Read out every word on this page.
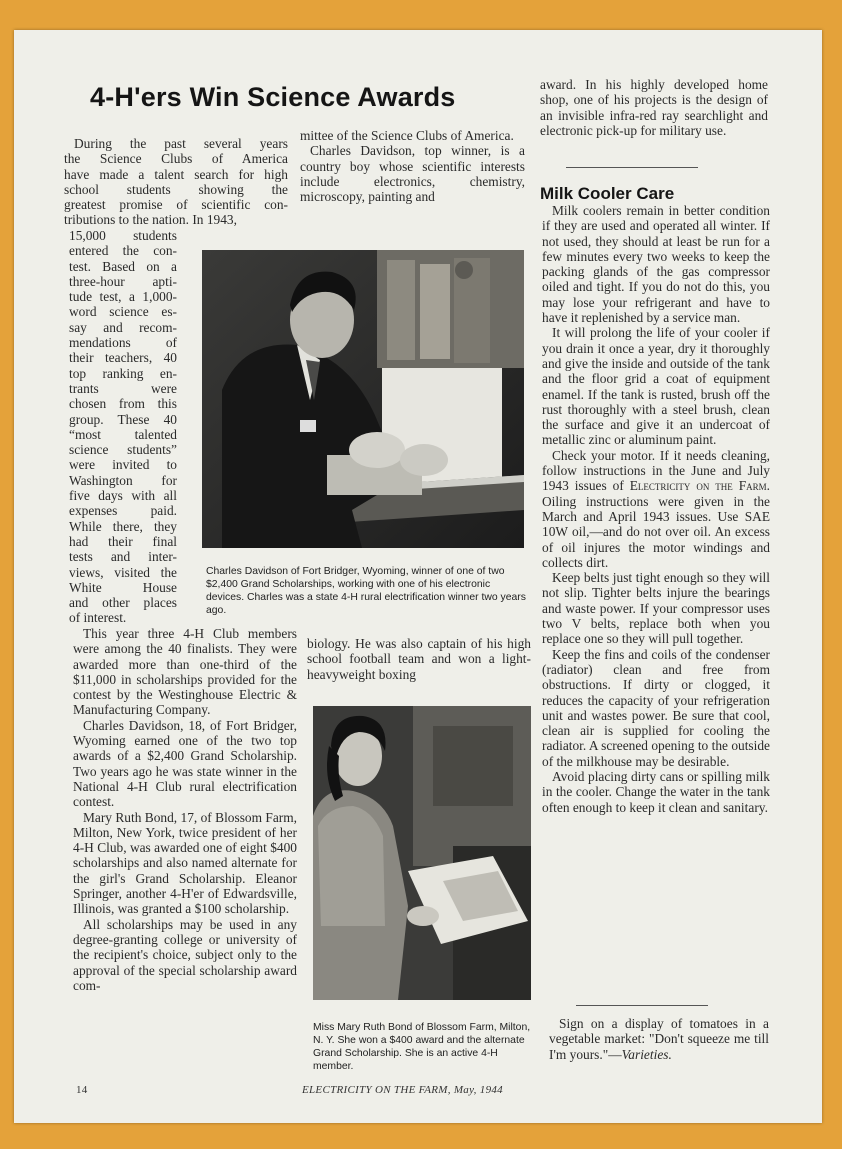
4-H'ers Win Science Awards
During the past several years
the Science Clubs of America
have made a talent search for high
school students showing the
greatest promise of scientific con-
tributions to the nation. In 1943,
15,000 students
entered the con-
test. Based on a
three-hour apti-
tude test, a 1,000-
word science es-
say and recom-
mendations of
their teachers, 40
top ranking en-
trants were
chosen from this
group. These 40
“most talented
science students”
were invited to
Washington for
five days with all
expenses paid.
While there, they
had their final
tests and inter-
views, visited the
White House
and other places
of interest.

This year three 4-H Club members were among the 40 finalists. They were awarded more than one-third of the $11,000 in scholarships provided for the contest by the Westinghouse Electric & Manufacturing Company.

Charles Davidson, 18, of Fort Bridger, Wyoming earned one of the two top awards of a $2,400 Grand Scholarship. Two years ago he was state winner in the National 4-H Club rural electrification contest.

Mary Ruth Bond, 17, of Blossom Farm, Milton, New York, twice president of her 4-H Club, was awarded one of eight $400 scholarships and also named alternate for the girl's Grand Scholarship. Eleanor Springer, another 4-H'er of Edwardsville, Illinois, was granted a $100 scholarship.

All scholarships may be used in any degree-granting college or university of the recipient's choice, subject only to the approval of the special scholarship award com-

mittee of the Science Clubs of America.

Charles Davidson, top winner, is a country boy whose scientific interests include electronics, chemistry, microscopy, painting and

Charles Davidson of Fort Bridger, Wyoming, winner of one of two $2,400 Grand Scholarships, working with one of his electronic devices. Charles was a state 4-H rural electrification winner two years ago.

biology. He was also captain of his high school football team and won a light-heavyweight boxing

Miss Mary Ruth Bond of Blossom Farm, Milton, N. Y. She won a $400 award and the alternate Grand Scholarship. She is an active 4-H member.

award. In his highly developed home shop, one of his projects is the design of an invisible infra-red ray searchlight and electronic pick-up for military use.

Milk Cooler Care

Milk coolers remain in better condition if they are used and operated all winter. If not used, they should at least be run for a few minutes every two weeks to keep the packing glands of the gas compressor oiled and tight. If you do not do this, you may lose your refrigerant and have to have it replenished by a service man.

It will prolong the life of your cooler if you drain it once a year, dry it thoroughly and give the inside and outside of the tank and the floor grid a coat of equipment enamel. If the tank is rusted, brush off the rust thoroughly with a steel brush, clean the surface and give it an undercoat of metallic zinc or aluminum paint.

Check your motor. If it needs cleaning, follow instructions in the June and July 1943 issues of Electricity on the Farm. Oiling instructions were given in the March and April 1943 issues. Use SAE 10W oil,—and do not over oil. An excess of oil injures the motor windings and collects dirt.

Keep belts just tight enough so they will not slip. Tighter belts injure the bearings and waste power. If your compressor uses two V belts, replace both when you replace one so they will pull together.

Keep the fins and coils of the condenser (radiator) clean and free from obstructions. If dirty or clogged, it reduces the capacity of your refrigeration unit and wastes power. Be sure that cool, clean air is supplied for cooling the radiator. A screened opening to the outside of the milkhouse may be desirable.

Avoid placing dirty cans or spilling milk in the cooler. Change the water in the tank often enough to keep it clean and sanitary.

Sign on a display of tomatoes in a vegetable market: "Don't squeeze me till I'm yours."—Varieties.

14	ELECTRICITY ON THE FARM, May, 1944
